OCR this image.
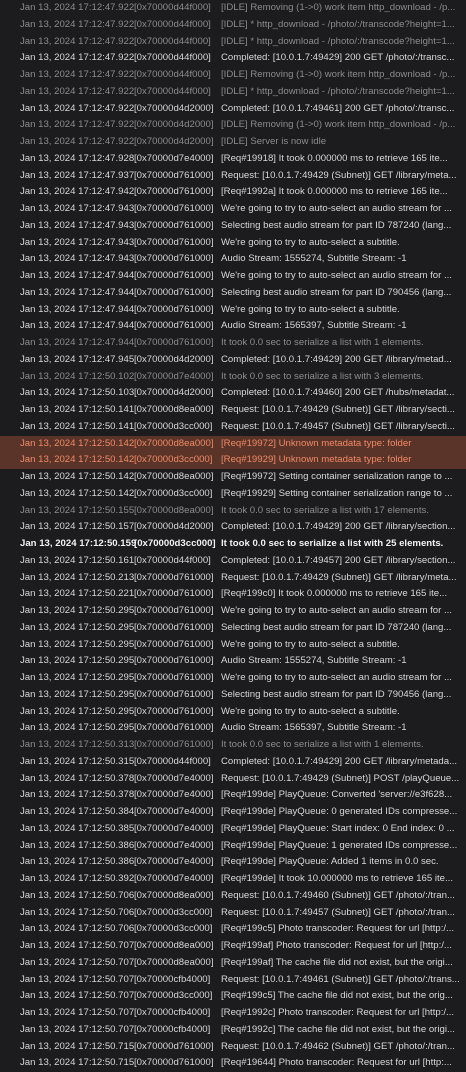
Jan 13, 2024 17:12:47.922[0x70000d44f000] [IDLE] Removing (1->0) work item http_download - /p...
Jan 13, 2024 17:12:47.922[0x70000d44f000] [IDLE] * http_download - /photo/:/transcode?height=1...
Jan 13, 2024 17:12:47.922[0x70000d44f000] [IDLE] * http_download - /photo/:/transcode?height=1...
Jan 13, 2024 17:12:47.922[0x70000d44f000] Completed: [10.0.1.7:49429] 200 GET /photo/:/transc...
Jan 13, 2024 17:12:47.922[0x70000d44f000] [IDLE] Removing (1->0) work item http_download - /p...
Jan 13, 2024 17:12:47.922[0x70000d44f000] [IDLE] * http_download - /photo/:/transcode?height=1...
Jan 13, 2024 17:12:47.922[0x70000d4d2000] Completed: [10.0.1.7:49461] 200 GET /photo/:/transc...
Jan 13, 2024 17:12:47.922[0x70000d4d2000] [IDLE] Removing (1->0) work item http_download - /p...
Jan 13, 2024 17:12:47.922[0x70000d4d2000] [IDLE] Server is now idle
Jan 13, 2024 17:12:47.928[0x70000d7e4000] [Req#19918] It took 0.000000 ms to retrieve 165 ite...
Jan 13, 2024 17:12:47.937[0x70000d761000] Request: [10.0.1.7:49429 (Subnet)] GET /library/meta...
Jan 13, 2024 17:12:47.942[0x70000d761000] [Req#1992a] It took 0.000000 ms to retrieve 165 ite...
Jan 13, 2024 17:12:47.943[0x70000d761000] We're going to try to auto-select an audio stream for ...
Jan 13, 2024 17:12:47.943[0x70000d761000] Selecting best audio stream for part ID 787240 (lang...
Jan 13, 2024 17:12:47.943[0x70000d761000] We're going to try to auto-select a subtitle.
Jan 13, 2024 17:12:47.943[0x70000d761000] Audio Stream: 1555274, Subtitle Stream: -1
Jan 13, 2024 17:12:47.944[0x70000d761000] We're going to try to auto-select an audio stream for ...
Jan 13, 2024 17:12:47.944[0x70000d761000] Selecting best audio stream for part ID 790456 (lang...
Jan 13, 2024 17:12:47.944[0x70000d761000] We're going to try to auto-select a subtitle.
Jan 13, 2024 17:12:47.944[0x70000d761000] Audio Stream: 1565397, Subtitle Stream: -1
Jan 13, 2024 17:12:47.944[0x70000d761000] It took 0.0 sec to serialize a list with 1 elements.
Jan 13, 2024 17:12:47.945[0x70000d4d2000] Completed: [10.0.1.7:49429] 200 GET /library/metad...
Jan 13, 2024 17:12:50.102[0x70000d7e4000] It took 0.0 sec to serialize a list with 3 elements.
Jan 13, 2024 17:12:50.103[0x70000d4d2000] Completed: [10.0.1.7:49460] 200 GET /hubs/metadat...
Jan 13, 2024 17:12:50.141[0x70000d8ea000] Request: [10.0.1.7:49429 (Subnet)] GET /library/secti...
Jan 13, 2024 17:12:50.141[0x70000d3cc000] Request: [10.0.1.7:49457 (Subnet)] GET /library/secti...
Jan 13, 2024 17:12:50.142[0x70000d8ea000] [Req#19972] Unknown metadata type: folder
Jan 13, 2024 17:12:50.142[0x70000d3cc000] [Req#19929] Unknown metadata type: folder
Jan 13, 2024 17:12:50.142[0x70000d8ea000] [Req#19972] Setting container serialization range to ...
Jan 13, 2024 17:12:50.142[0x70000d3cc000] [Req#19929] Setting container serialization range to ...
Jan 13, 2024 17:12:50.155[0x70000d8ea000] It took 0.0 sec to serialize a list with 17 elements.
Jan 13, 2024 17:12:50.157[0x70000d4d2000] Completed: [10.0.1.7:49429] 200 GET /library/section...
Jan 13, 2024 17:12:50.159[0x70000d3cc000] It took 0.0 sec to serialize a list with 25 elements.
Jan 13, 2024 17:12:50.161[0x70000d44f000] Completed: [10.0.1.7:49457] 200 GET /library/section...
Jan 13, 2024 17:12:50.213[0x70000d761000] Request: [10.0.1.7:49429 (Subnet)] GET /library/meta...
Jan 13, 2024 17:12:50.221[0x70000d761000] [Req#199c0] It took 0.000000 ms to retrieve 165 ite...
Jan 13, 2024 17:12:50.295[0x70000d761000] We're going to try to auto-select an audio stream for ...
Jan 13, 2024 17:12:50.295[0x70000d761000] Selecting best audio stream for part ID 787240 (lang...
Jan 13, 2024 17:12:50.295[0x70000d761000] We're going to try to auto-select a subtitle.
Jan 13, 2024 17:12:50.295[0x70000d761000] Audio Stream: 1555274, Subtitle Stream: -1
Jan 13, 2024 17:12:50.295[0x70000d761000] We're going to try to auto-select an audio stream for ...
Jan 13, 2024 17:12:50.295[0x70000d761000] Selecting best audio stream for part ID 790456 (lang...
Jan 13, 2024 17:12:50.295[0x70000d761000] We're going to try to auto-select a subtitle.
Jan 13, 2024 17:12:50.295[0x70000d761000] Audio Stream: 1565397, Subtitle Stream: -1
Jan 13, 2024 17:12:50.313[0x70000d761000] It took 0.0 sec to serialize a list with 1 elements.
Jan 13, 2024 17:12:50.315[0x70000d44f000] Completed: [10.0.1.7:49429] 200 GET /library/metada...
Jan 13, 2024 17:12:50.378[0x70000d7e4000] Request: [10.0.1.7:49429 (Subnet)] POST /playQueue...
Jan 13, 2024 17:12:50.378[0x70000d7e4000] [Req#199de] PlayQueue: Converted 'server://e3f628...
Jan 13, 2024 17:12:50.384[0x70000d7e4000] [Req#199de] PlayQueue: 0 generated IDs compresse...
Jan 13, 2024 17:12:50.385[0x70000d7e4000] [Req#199de] PlayQueue: Start index: 0 End index: 0 ...
Jan 13, 2024 17:12:50.386[0x70000d7e4000] [Req#199de] PlayQueue: 1 generated IDs compresse...
Jan 13, 2024 17:12:50.386[0x70000d7e4000] [Req#199de] PlayQueue: Added 1 items in 0.0 sec.
Jan 13, 2024 17:12:50.392[0x70000d7e4000] [Req#199de] It took 10.000000 ms to retrieve 165 ite...
Jan 13, 2024 17:12:50.706[0x70000d8ea000] Request: [10.0.1.7:49460 (Subnet)] GET /photo/:/tran...
Jan 13, 2024 17:12:50.706[0x70000d3cc000] Request: [10.0.1.7:49457 (Subnet)] GET /photo/:/tran...
Jan 13, 2024 17:12:50.706[0x70000d3cc000] [Req#199c5] Photo transcoder: Request for url [http:/...
Jan 13, 2024 17:12:50.707[0x70000d8ea000] [Req#199af] Photo transcoder: Request for url [http:/...
Jan 13, 2024 17:12:50.707[0x70000d8ea000] [Req#199af] The cache file did not exist, but the origi...
Jan 13, 2024 17:12:50.707[0x70000cfb4000] Request: [10.0.1.7:49461 (Subnet)] GET /photo/:/trans...
Jan 13, 2024 17:12:50.707[0x70000d3cc000] [Req#199c5] The cache file did not exist, but the orig...
Jan 13, 2024 17:12:50.707[0x70000cfb4000] [Req#1992c] Photo transcoder: Request for url [http:/...
Jan 13, 2024 17:12:50.707[0x70000cfb4000] [Req#1992c] The cache file did not exist, but the origi...
Jan 13, 2024 17:12:50.715[0x70000d761000] Request: [10.0.1.7:49462 (Subnet)] GET /photo/:/tran...
Jan 13, 2024 17:12:50.715[0x70000d761000] [Req#19644] Photo transcoder: Request for url [http:...
